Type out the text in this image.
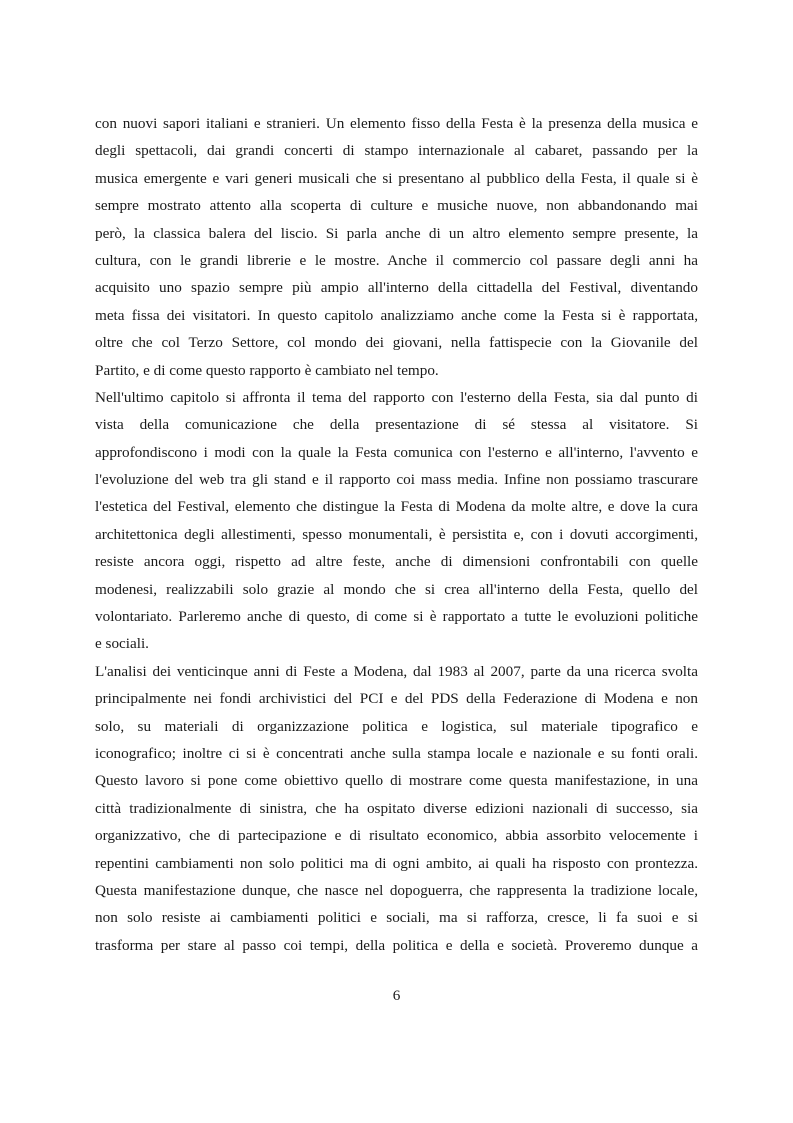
con nuovi sapori italiani e stranieri. Un elemento fisso della Festa è la presenza della musica e
degli spettacoli, dai grandi concerti di stampo internazionale al cabaret, passando per la
musica emergente e vari generi musicali che si presentano al pubblico della Festa, il quale si è
sempre mostrato attento alla scoperta di culture e musiche nuove, non abbandonando mai
però, la classica balera del liscio. Si parla anche di un altro elemento sempre presente, la
cultura, con le grandi librerie e le mostre. Anche il commercio col passare degli anni ha
acquisito uno spazio sempre più ampio all'interno della cittadella del Festival, diventando
meta fissa dei visitatori. In questo capitolo analizziamo anche come la Festa si è rapportata,
oltre che col Terzo Settore, col mondo dei giovani, nella fattispecie con la Giovanile del
Partito, e di come questo rapporto è cambiato nel tempo.
Nell'ultimo capitolo si affronta il tema del rapporto con l'esterno della Festa, sia dal punto di
vista della comunicazione che della presentazione di sé stessa al visitatore. Si
approfondiscono i modi con la quale la Festa comunica con l'esterno e all'interno, l'avvento e
l'evoluzione del web tra gli stand e il rapporto coi mass media. Infine non possiamo trascurare
l'estetica del Festival, elemento che distingue la Festa di Modena da molte altre, e dove la cura
architettonica degli allestimenti, spesso monumentali, è persistita e, con i dovuti accorgimenti,
resiste ancora oggi, rispetto ad altre feste, anche di dimensioni confrontabili con quelle
modenesi, realizzabili solo grazie al mondo che si crea all'interno della Festa, quello del
volontariato. Parleremo anche di questo, di come si è rapportato a tutte le evoluzioni politiche
e sociali.
L'analisi dei venticinque anni di Feste a Modena, dal 1983 al 2007, parte da una ricerca svolta
principalmente nei fondi archivistici del PCI e del PDS della Federazione di Modena e non
solo, su materiali di organizzazione politica e logistica, sul materiale tipografico e
iconografico; inoltre ci si è concentrati anche sulla stampa locale e nazionale e su fonti orali.
Questo lavoro si pone come obiettivo quello di mostrare come questa manifestazione, in una
città tradizionalmente di sinistra, che ha ospitato diverse edizioni nazionali di successo, sia
organizzativo, che di partecipazione e di risultato economico, abbia assorbito velocemente i
repentini cambiamenti non solo politici ma di ogni ambito, ai quali ha risposto con prontezza.
Questa manifestazione dunque, che nasce nel dopoguerra, che rappresenta la tradizione locale,
non solo resiste ai cambiamenti politici e sociali, ma si rafforza, cresce, li fa suoi e si
trasforma per stare al passo coi tempi, della politica e della e società. Proveremo dunque a
6
